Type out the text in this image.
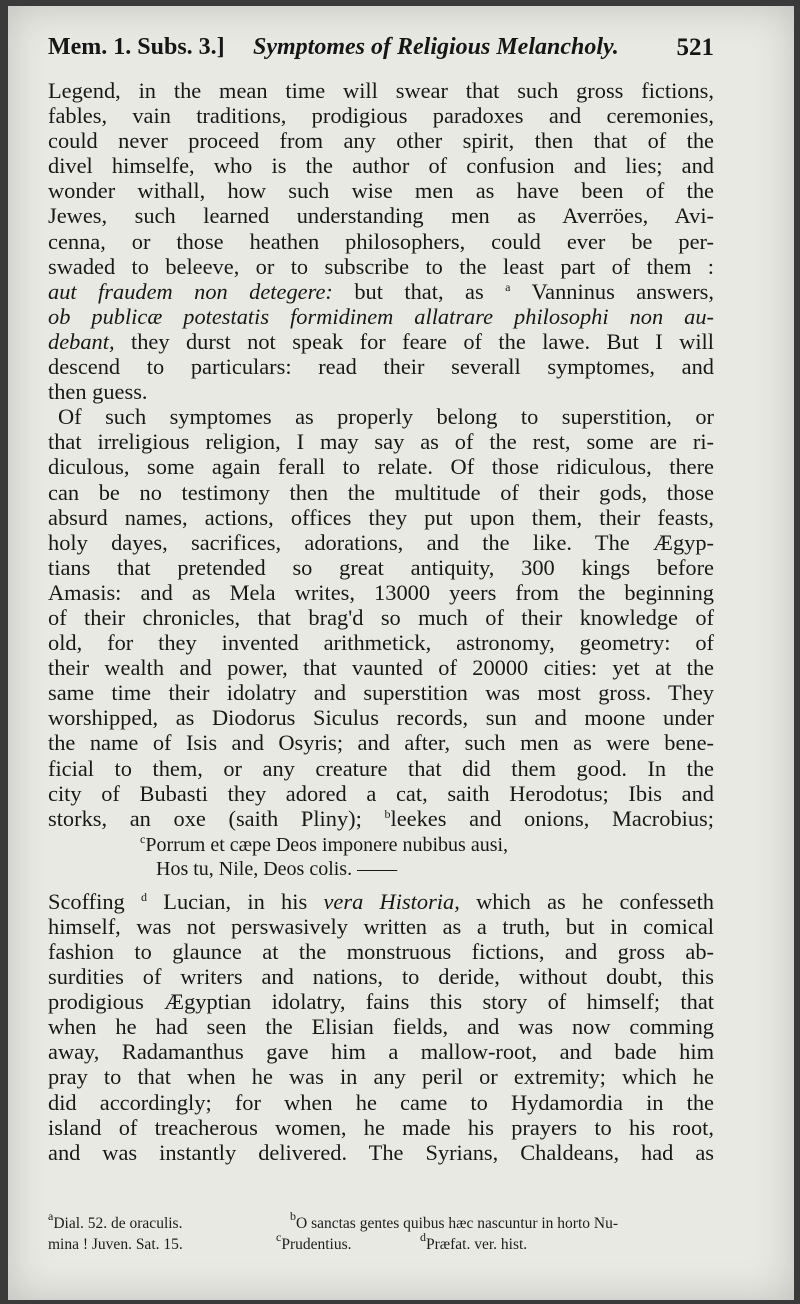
Mem. 1. Subs. 3.] Symptomes of Religious Melancholy. 521
Legend, in the mean time will swear that such gross fictions,
fables, vain traditions, prodigious paradoxes and ceremonies,
could never proceed from any other spirit, then that of the
divel himselfe, who is the author of confusion and lies; and
wonder withall, how such wise men as have been of the
Jewes, such learned understanding men as Averröes, Avi-
cenna, or those heathen philosophers, could ever be per-
swaded to beleeve, or to subscribe to the least part of them :
aut fraudem non detegere: but that, as $^a$ Vanninus answers,
ob publicæ potestatis formidinem allatrare philosophi non au-
debant, they durst not speak for feare of the lawe. But I will
descend to particulars: read their severall symptomes, and
then guess.
Of such symptomes as properly belong to superstition, or
that irreligious religion, I may say as of the rest, some are ri-
diculous, some again ferall to relate. Of those ridiculous, there
can be no testimony then the multitude of their gods, those
absurd names, actions, offices they put upon them, their feasts,
holy dayes, sacrifices, adorations, and the like. The Ægyp-
tians that pretended so great antiquity, 300 kings before
Amasis: and as Mela writes, 13000 yeers from the beginning
of their chronicles, that brag'd so much of their knowledge of
old, for they invented arithmetick, astronomy, geometry: of
their wealth and power, that vaunted of 20000 cities: yet at the
same time their idolatry and superstition was most gross. They
worshipped, as Diodorus Siculus records, sun and moone under
the name of Isis and Osyris; and after, such men as were bene-
ficial to them, or any creature that did them good. In the
city of Bubasti they adored a cat, saith Herodotus; Ibis and
storks, an oxe (saith Pliny); $^b$leekes and onions, Macrobius;
$^c$Porrum et cæpe Deos imponere nubibus ausi,
Hos tu, Nile, Deos colis. ——
Scoffing $^d$ Lucian, in his vera Historia, which as he confesseth
himself, was not perswasively written as a truth, but in comical
fashion to glaunce at the monstruous fictions, and gross ab-
surdities of writers and nations, to deride, without doubt, this
prodigious Ægyptian idolatry, fains this story of himself; that
when he had seen the Elisian fields, and was now comming
away, Radamanthus gave him a mallow-root, and bade him
pray to that when he was in any peril or extremity; which he
did accordingly; for when he came to Hydamordia in the
island of treacherous women, he made his prayers to his root,
and was instantly delivered. The Syrians, Chaldeans, had as
$^a$Dial. 52. de oraculis.	$^b$O sanctas gentes quibus hæc nascuntur in horto Nu-
mina ! Juven. Sat. 15.	$^c$Prudentius.	$^d$Præfat. ver. hist.
